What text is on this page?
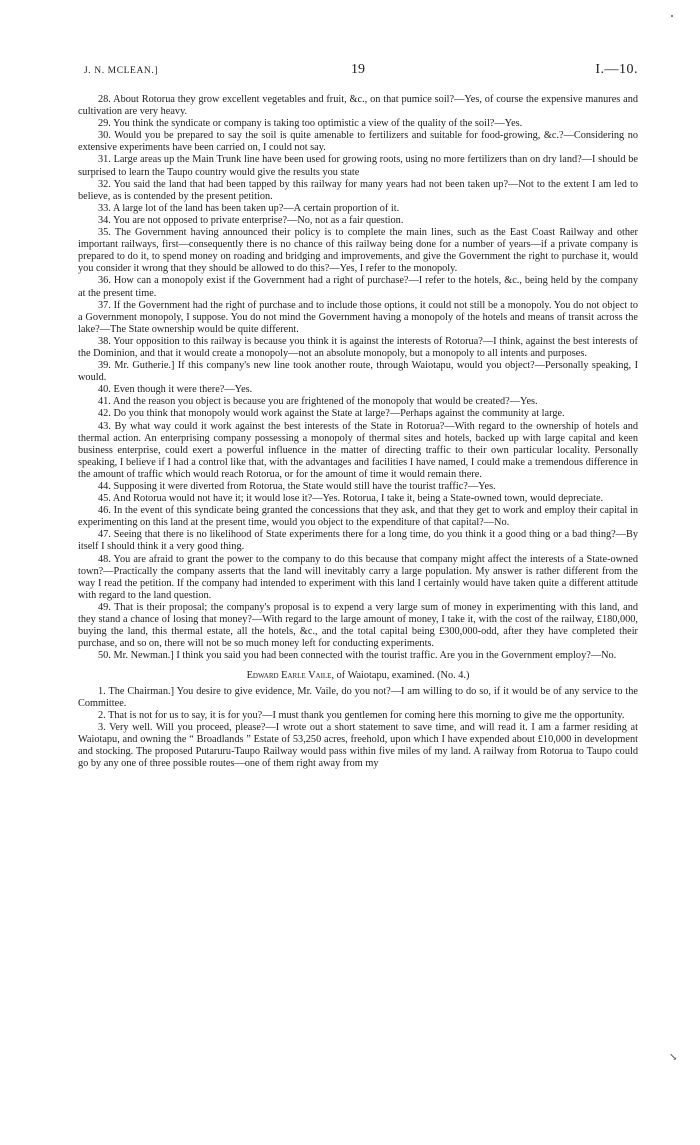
↘
J. N. MCLEAN.]	19	I.—10.

28. About Rotorua they grow excellent vegetables and fruit, &c., on that pumice soil?—Yes, of course the expensive manures and cultivation are very heavy.

29. You think the syndicate or company is taking too optimistic a view of the quality of the soil?—Yes.

30. Would you be prepared to say the soil is quite amenable to fertilizers and suitable for food-growing, &c.?—Considering no extensive experiments have been carried on, I could not say.

31. Large areas up the Main Trunk line have been used for growing roots, using no more fertilizers than on dry land?—I should be surprised to learn the Taupo country would give the results you state

32. You said the land that had been tapped by this railway for many years had not been taken up?—Not to the extent I am led to believe, as is contended by the present petition.

33. A large lot of the land has been taken up?—A certain proportion of it.

34. You are not opposed to private enterprise?—No, not as a fair question.

35. The Government having announced their policy is to complete the main lines, such as the East Coast Railway and other important railways, first—consequently there is no chance of this railway being done for a number of years—if a private company is prepared to do it, to spend money on roading and bridging and improvements, and give the Government the right to purchase it, would you consider it wrong that they should be allowed to do this?—Yes, I refer to the monopoly.

36. How can a monopoly exist if the Government had a right of purchase?—I refer to the hotels, &c., being held by the company at the present time.

37. If the Government had the right of purchase and to include those options, it could not still be a monopoly. You do not object to a Government monopoly, I suppose. You do not mind the Government having a monopoly of the hotels and means of transit across the lake?—The State ownership would be quite different.

38. Your opposition to this railway is because you think it is against the interests of Rotorua?—I think, against the best interests of the Dominion, and that it would create a monopoly—not an absolute monopoly, but a monopoly to all intents and purposes.

39. Mr. Gutherie.] If this company's new line took another route, through Waiotapu, would you object?—Personally speaking, I would.

40. Even though it were there?—Yes.

41. And the reason you object is because you are frightened of the monopoly that would be created?—Yes.

42. Do you think that monopoly would work against the State at large?—Perhaps against the community at large.

43. By what way could it work against the best interests of the State in Rotorua?—With regard to the ownership of hotels and thermal action. An enterprising company possessing a monopoly of thermal sites and hotels, backed up with large capital and keen business enterprise, could exert a powerful influence in the matter of directing traffic to their own particular locality. Personally speaking, I believe if I had a control like that, with the advantages and facilities I have named, I could make a tremendous difference in the amount of traffic which would reach Rotorua, or for the amount of time it would remain there.

44. Supposing it were diverted from Rotorua, the State would still have the tourist traffic?—Yes.

45. And Rotorua would not have it; it would lose it?—Yes. Rotorua, I take it, being a State-owned town, would depreciate.

46. In the event of this syndicate being granted the concessions that they ask, and that they get to work and employ their capital in experimenting on this land at the present time, would you object to the expenditure of that capital?—No.

47. Seeing that there is no likelihood of State experiments there for a long time, do you think it a good thing or a bad thing?—By itself I should think it a very good thing.

48. You are afraid to grant the power to the company to do this because that company might affect the interests of a State-owned town?—Practically the company asserts that the land will inevitably carry a large population. My answer is rather different from the way I read the petition. If the company had intended to experiment with this land I certainly would have taken quite a different attitude with regard to the land question.

49. That is their proposal; the company's proposal is to expend a very large sum of money in experimenting with this land, and they stand a chance of losing that money?—With regard to the large amount of money, I take it, with the cost of the railway, £180,000, buying the land, this thermal estate, all the hotels, &c., and the total capital being £300,000-odd, after they have completed their purchase, and so on, there will not be so much money left for conducting experiments.

50. Mr. Newman.] I think you said you had been connected with the tourist traffic. Are you in the Government employ?—No.

Edward Earle Vaile, of Waiotapu, examined. (No. 4.)

1. The Chairman.] You desire to give evidence, Mr. Vaile, do you not?—I am willing to do so, if it would be of any service to the Committee.

2. That is not for us to say, it is for you?—I must thank you gentlemen for coming here this morning to give me the opportunity.

3. Very well. Will you proceed, please?—I wrote out a short statement to save time, and will read it. I am a farmer residing at Waiotapu, and owning the “ Broadlands ” Estate of 53,250 acres, freehold, upon which I have expended about £10,000 in development and stocking. The proposed Putaruru-Taupo Railway would pass within five miles of my land. A railway from Rotorua to Taupo could go by any one of three possible routes—one of them right away from my
